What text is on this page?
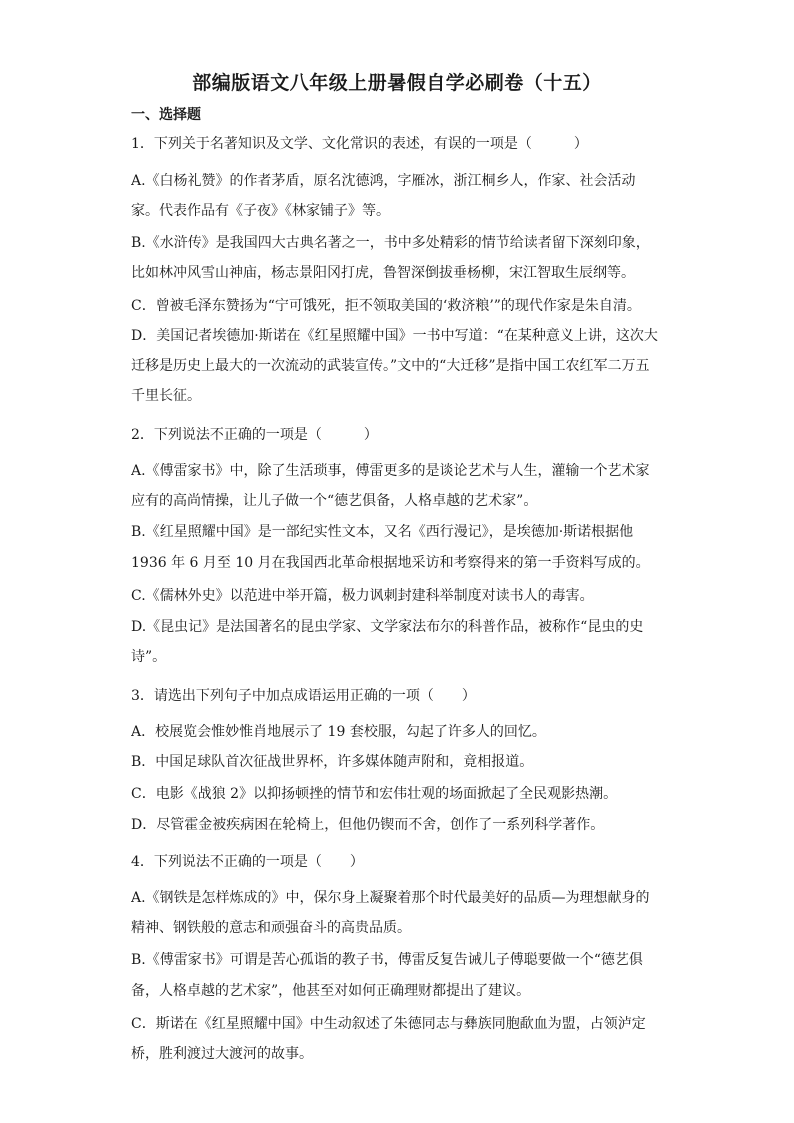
部编版语文八年级上册暑假自学必刷卷（十五）
一、选择题
1．下列关于名著知识及文学、文化常识的表述，有误的一项是（　　　）
A.《白杨礼赞》的作者茅盾，原名沈德鸿，字雁冰，浙江桐乡人，作家、社会活动
家。代表作品有《子夜》《林家铺子》等。
B.《水浒传》是我国四大古典名著之一，书中多处精彩的情节给读者留下深刻印象，
比如林冲风雪山神庙，杨志景阳冈打虎，鲁智深倒拔垂杨柳，宋江智取生辰纲等。
C．曾被毛泽东赞扬为“宁可饿死，拒不领取美国的‘救济粮’”的现代作家是朱自清。
D．美国记者埃德加·斯诺在《红星照耀中国》一书中写道：“在某种意义上讲，这次大
迁移是历史上最大的一次流动的武装宣传。”文中的“大迁移”是指中国工农红军二万五
千里长征。
2．下列说法不正确的一项是（　　　）
A.《傅雷家书》中，除了生活琐事，傅雷更多的是谈论艺术与人生，灌输一个艺术家
应有的高尚情操，让儿子做一个“德艺俱备，人格卓越的艺术家”。
B.《红星照耀中国》是一部纪实性文本，又名《西行漫记》，是埃德加·斯诺根据他
1936 年 6 月至 10 月在我国西北革命根据地采访和考察得来的第一手资料写成的。
C.《儒林外史》以范进中举开篇，极力讽刺封建科举制度对读书人的毒害。
D.《昆虫记》是法国著名的昆虫学家、文学家法布尔的科普作品，被称作“昆虫的史
诗”。
3．请选出下列句子中加点成语运用正确的一项（　　）
A．校展览会惟妙惟肖地展示了 19 套校服，勾起了许多人的回忆。
B．中国足球队首次征战世界杯，许多媒体随声附和，竟相报道。
C．电影《战狼 2》以抑扬顿挫的情节和宏伟壮观的场面掀起了全民观影热潮。
D．尽管霍金被疾病困在轮椅上，但他仍锲而不舍，创作了一系列科学著作。
4．下列说法不正确的一项是（　　）
A.《钢铁是怎样炼成的》中，保尔身上凝聚着那个时代最美好的品质—为理想献身的
精神、钢铁般的意志和顽强奋斗的高贵品质。
B.《傅雷家书》可谓是苦心孤诣的教子书，傅雷反复告诫儿子傅聪要做一个“德艺俱
备，人格卓越的艺术家”，他甚至对如何正确理财都提出了建议。
C．斯诺在《红星照耀中国》中生动叙述了朱德同志与彝族同胞歃血为盟，占领泸定
桥，胜利渡过大渡河的故事。
